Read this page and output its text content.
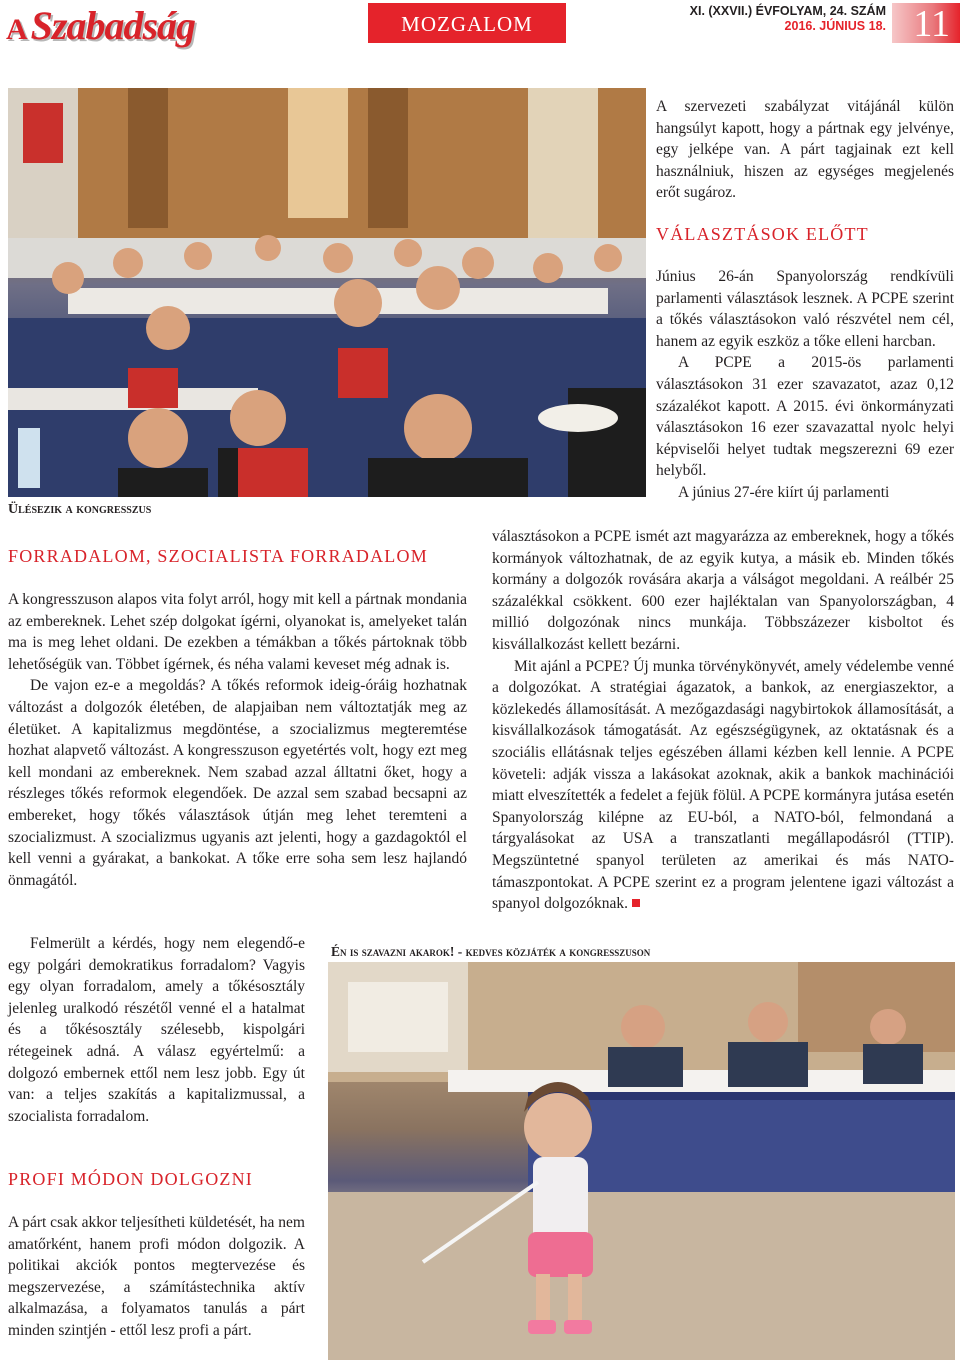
A Szabadság	MOZGALOM
XI. (XXVII.) ÉVFOLYAM, 24. SZÁM
2016. JÚNIUS 18. 11
Ülésezik a kongresszus

A szervezeti szabályzat vitájánál külön hangsúlyt kapott, hogy a pártnak egy jelvénye, egy jelképe van. A párt tagjainak ezt kell használniuk, hiszen az egységes megjelenés erőt sugároz.

VÁLASZTÁSOK ELŐTT

Június 26-án Spanyolország rendkívüli parlamenti választások lesznek. A PCPE szerint a tőkés választásokon való részvétel nem cél, hanem az egyik eszköz a tőke elleni harcban.

A PCPE a 2015-ös parlamenti választásokon 31 ezer szavazatot, azaz 0,12 százalékot kapott. A 2015. évi önkormányzati választásokon 16 ezer szavazattal nyolc helyi képviselői helyet tudtak megszerezni 69 ezer helyből.

A június 27-ére kiírt új parlamenti

választásokon a PCPE ismét azt magyarázza az embereknek, hogy a tőkés kormányok változhatnak, de az egyik kutya, a másik eb. Minden tőkés kormány a dolgozók rovására akarja a válságot megoldani. A reálbér 25 százalékkal csökkent. 600 ezer hajléktalan van Spanyolországban, 4 millió dolgozónak nincs munkája. Többszázezer kisboltot és kisvállalkozást kellett bezárni.

Mit ajánl a PCPE? Új munka törvénykönyvét, amely védelembe venné a dolgozókat. A stratégiai ágazatok, a bankok, az energiaszektor, a közlekedés államosítását. A mezőgazdasági nagybirtokok államosítását, a kisvállalkozások támogatását. Az egészségügynek, az oktatásnak és a szociális ellátásnak teljes egészében állami kézben kell lennie. A PCPE követeli: adják vissza a lakásokat azoknak, akik a bankok machinációi miatt elveszítették a fedelet a fejük fölül. A PCPE kormányra jutása esetén Spanyolország kilépne az EU-ból, a NATO-ból, felmondaná a tárgyalásokat az USA a transzatlanti megállapodásról (TTIP). Megszüntetné spanyol területen az amerikai és más NATO-támaszpontokat. A PCPE szerint ez a program jelentene igazi változást a spanyol dolgozóknak.

FORRADALOM, SZOCIALISTA FORRADALOM

A kongresszuson alapos vita folyt arról, hogy mit kell a pártnak mondania az embereknek. Lehet szép dolgokat ígérni, olyanokat is, amelyeket talán ma is meg lehet oldani. De ezekben a témákban a tőkés pártoknak több lehetőségük van. Többet ígérnek, és néha valami keveset még adnak is.

De vajon ez-e a megoldás? A tőkés reformok ideig-óráig hozhatnak változást a dolgozók életében, de alapjaiban nem változtatják meg az életüket. A kapitalizmus megdöntése, a szocializmus megteremtése hozhat alapvető változást. A kongresszuson egyetértés volt, hogy ezt meg kell mondani az embereknek. Nem szabad azzal álltatni őket, hogy a részleges tőkés reformok elegendőek. De azzal sem szabad becsapni az embereket, hogy tőkés választások útján meg lehet teremteni a szocializmust. A szocializmus ugyanis azt jelenti, hogy a gazdagoktól el kell venni a gyárakat, a bankokat. A tőke erre soha sem lesz hajlandó önmagától.

Felmerült a kérdés, hogy nem elegendő-e egy polgári demokratikus forradalom? Vagyis egy olyan forradalom, amely a tőkésosztály jelenleg uralkodó részétől venné el a hatalmat és a tőkésosztály szélesebb, kispolgári rétegeinek adná. A válasz egyértelmű: a dolgozó embernek ettől nem lesz jobb. Egy út van: a teljes szakítás a kapitalizmussal, a szocialista forradalom.

PROFI MÓDON DOLGOZNI

A párt csak akkor teljesítheti küldetését, ha nem amatőrként, hanem profi módon dolgozik. A politikai akciók pontos megtervezése és megszervezése, a számítástechnika aktív alkalmazása, a folyamatos tanulás a párt minden szintjén - ettől lesz profi a párt.

Én is szavazni akarok! - kedves közjáték a kongresszuson
